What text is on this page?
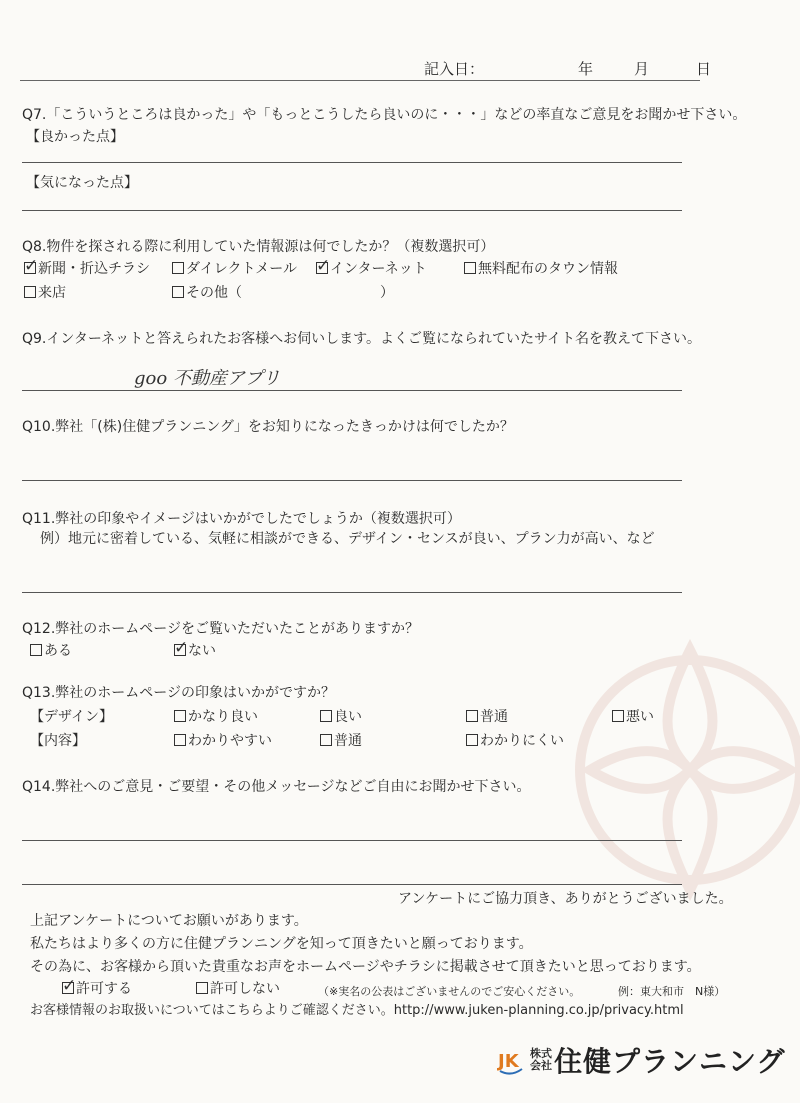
記入日：	年	月	日
Q7.「こういうところは良かった」や「もっとこうしたら良いのに・・・」などの率直なご意見をお聞かせ下さい。
【良かった点】
【気になった点】
Q8.物件を探される際に利用していた情報源は何でしたか？（複数選択可）
✓ 新聞・折込チラシ	ダイレクトメール ✓ インターネット	無料配布のタウン情報
来店	その他（	）
Q9.インターネットと答えられたお客様へお伺いします。よくご覧になられていたサイト名を教えて下さい。
goo 不動産アプリ
Q10.弊社「(株)住健プランニング」をお知りになったきっかけは何でしたか？
Q11.弊社の印象やイメージはいかがでしたでしょうか（複数選択可）
例）地元に密着している、気軽に相談ができる、デザイン・センスが良い、プラン力が高い、など
Q12.弊社のホームページをご覧いただいたことがありますか？
ある	✓ ない
Q13.弊社のホームページの印象はいかがですか？
【デザイン】	かなり良い	良い	普通	悪い
【内容】	わかりやすい	普通	わかりにくい
Q14.弊社へのご意見・ご要望・その他メッセージなどご自由にお聞かせ下さい。
アンケートにご協力頂き、ありがとうございました。
上記アンケートについてお願いがあります。
私たちはより多くの方に住健プランニングを知って頂きたいと願っております。
その為に、お客様から頂いた貴重なお声をホームページやチラシに掲載させて頂きたいと思っております。
✓ 許可する	許可しない	（※実名の公表はございませんのでご安心ください。	例：東大和市　N様）
お客様情報のお取扱いについてはこちらよりご確認ください。http://www.juken-planning.co.jp/privacy.html
JK 株式
会社 住健プランニング
